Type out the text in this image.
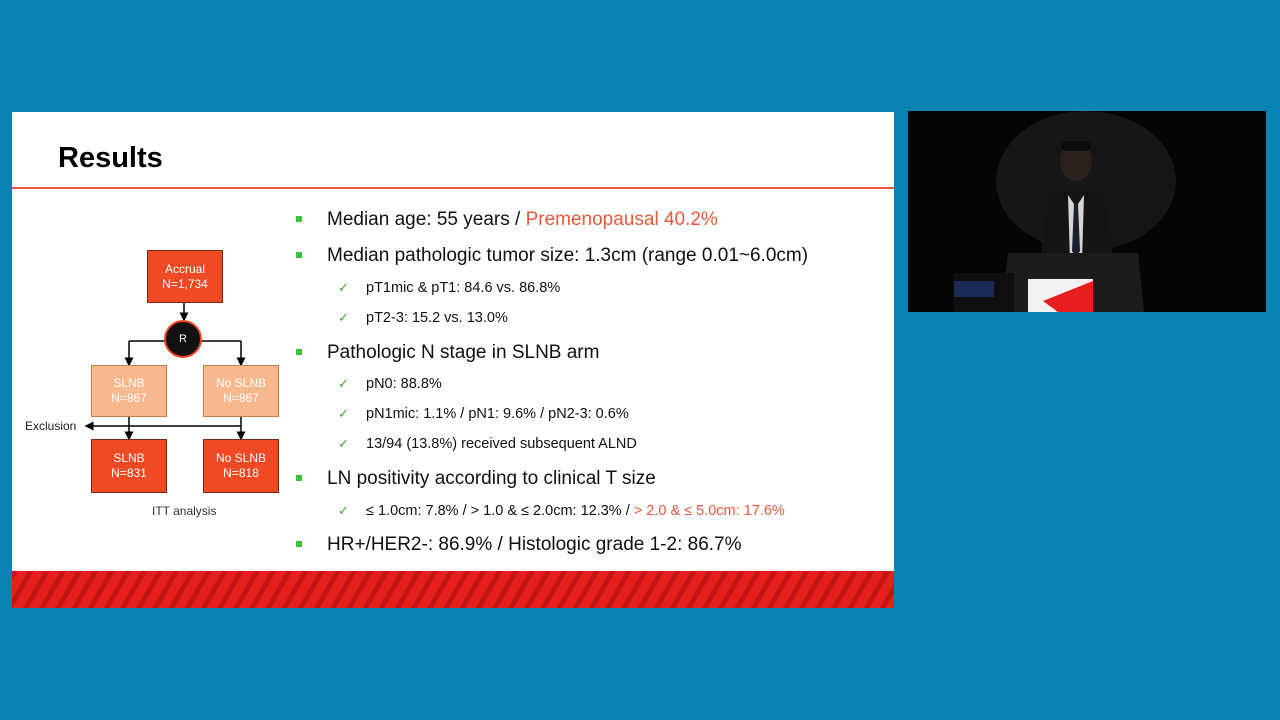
Results
Accrual
N=1,734
R
SLNB
N=867
No SLNB
N=867
Exclusion
SLNB
N=831
No SLNB
N=818
ITT analysis

Median age: 55 years / Premenopausal 40.2%

Median pathologic tumor size: 1.3cm (range 0.01~6.0cm)

✓ pT1mic & pT1: 84.6 vs. 86.8%

✓ pT2-3: 15.2 vs. 13.0%

Pathologic N stage in SLNB arm

✓ pN0: 88.8%

✓ pN1mic: 1.1% / pN1: 9.6% / pN2-3: 0.6%

✓ 13/94 (13.8%) received subsequent ALND

LN positivity according to clinical T size

✓ ≤ 1.0cm: 7.8% / > 1.0 & ≤ 2.0cm: 12.3% / > 2.0 & ≤ 5.0cm: 17.6%

HR+/HER2-: 86.9% / Histologic grade 1-2: 86.7%
